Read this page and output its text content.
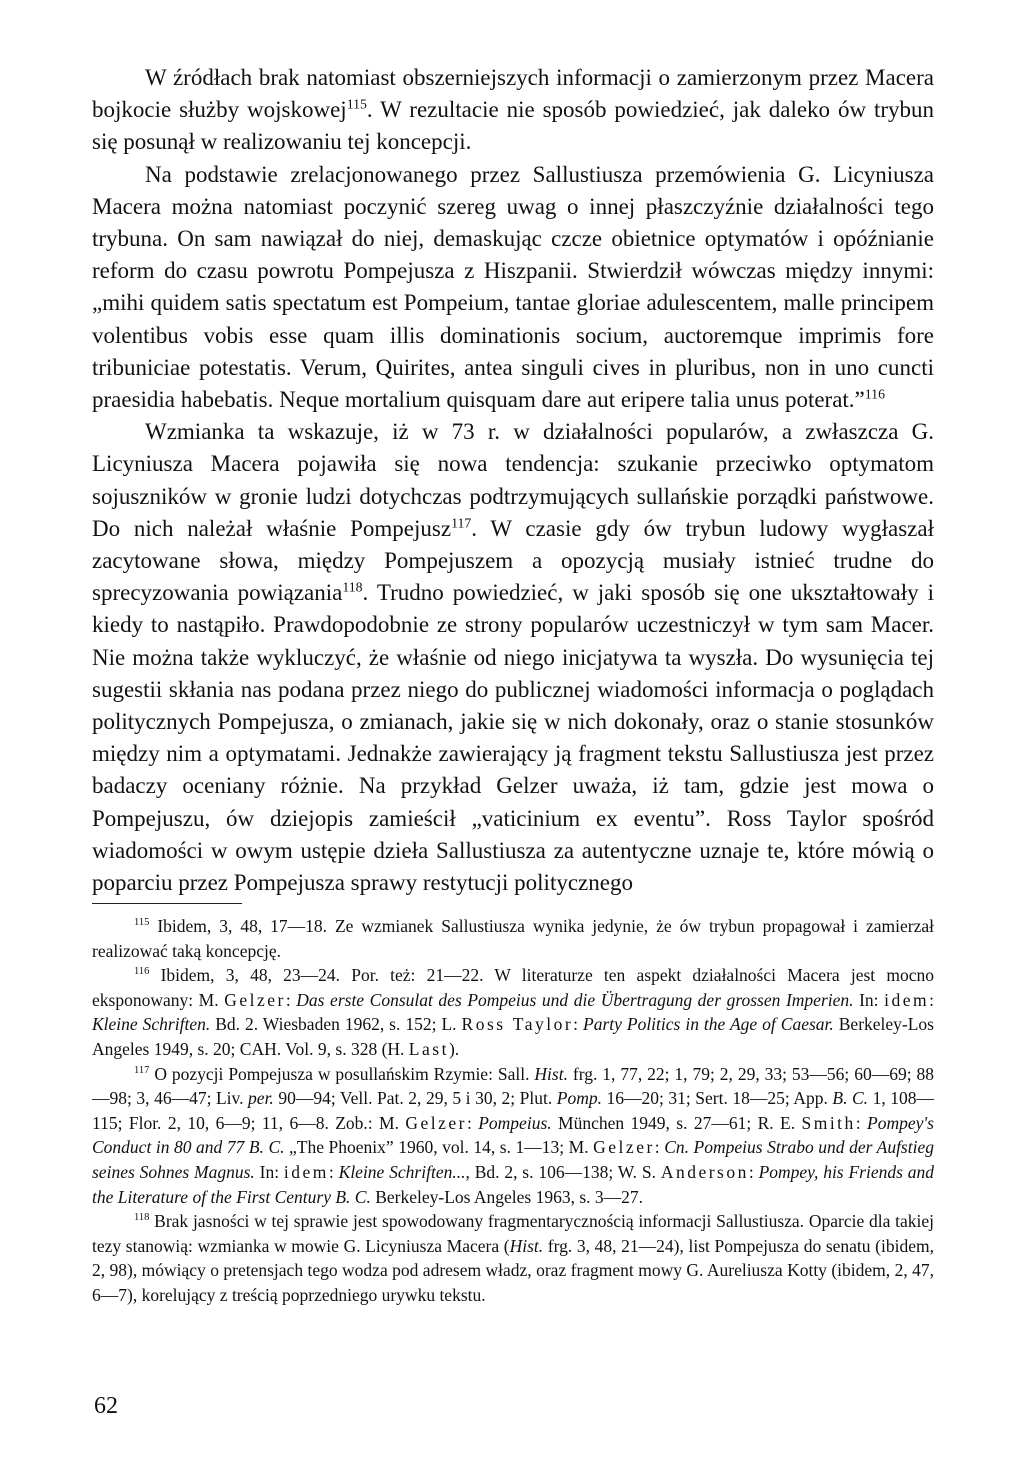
W źródłach brak natomiast obszerniejszych informacji o zamierzonym przez Macera bojkocie służby wojskowej$^{115}$. W rezultacie nie sposób powiedzieć, jak daleko ów trybun się posunął w realizowaniu tej koncepcji.

Na podstawie zrelacjonowanego przez Sallustiusza przemówienia G. Licyniusza Macera można natomiast poczynić szereg uwag o innej płaszczyźnie działalności tego trybuna. On sam nawiązał do niej, demaskując czcze obietnice optymatów i opóźnianie reform do czasu powrotu Pompejusza z Hiszpanii. Stwierdził wówczas między innymi: „mihi quidem satis spectatum est Pompeium, tantae gloriae adulescentem, malle principem volentibus vobis esse quam illis dominationis socium, auctoremque imprimis fore tribuniciae potestatis. Verum, Quirites, antea singuli cives in pluribus, non in uno cuncti praesidia habebatis. Neque mortalium quisquam dare aut eripere talia unus poterat.”$^{116}$

Wzmianka ta wskazuje, iż w 73 r. w działalności popularów, a zwłaszcza G. Licyniusza Macera pojawiła się nowa tendencja: szukanie przeciwko optymatom sojuszników w gronie ludzi dotychczas podtrzymujących sullańskie porządki państwowe. Do nich należał właśnie Pompejusz$^{117}$. W czasie gdy ów trybun ludowy wygłaszał zacytowane słowa, między Pompejuszem a opozycją musiały istnieć trudne do sprecyzowania powiązania$^{118}$. Trudno powiedzieć, w jaki sposób się one ukształtowały i kiedy to nastąpiło. Prawdopodobnie ze strony popularów uczestniczył w tym sam Macer. Nie można także wykluczyć, że właśnie od niego inicjatywa ta wyszła. Do wysunięcia tej sugestii skłania nas podana przez niego do publicznej wiadomości informacja o poglądach politycznych Pompejusza, o zmianach, jakie się w nich dokonały, oraz o stanie stosunków między nim a optymatami. Jednakże zawierający ją fragment tekstu Sallustiusza jest przez badaczy oceniany różnie. Na przykład Gelzer uważa, iż tam, gdzie jest mowa o Pompejuszu, ów dziejopis zamieścił „vaticinium ex eventu”. Ross Taylor spośród wiadomości w owym ustępie dzieła Sallustiusza za autentyczne uznaje te, które mówią o poparciu przez Pompejusza sprawy restytucji politycznego

$^{115}$ Ibidem, 3, 48, 17—18. Ze wzmianek Sallustiusza wynika jedynie, że ów trybun propagował i zamierzał realizować taką koncepcję.

$^{116}$ Ibidem, 3, 48, 23—24. Por. też: 21—22. W literaturze ten aspekt działalności Macera jest mocno eksponowany: M. Gelzer: Das erste Consulat des Pompeius und die Übertragung der grossen Imperien. In: idem: Kleine Schriften. Bd. 2. Wiesbaden 1962, s. 152; L. Ross Taylor: Party Politics in the Age of Caesar. Berkeley-Los Angeles 1949, s. 20; CAH. Vol. 9, s. 328 (H. Last).

$^{117}$ O pozycji Pompejusza w posullańskim Rzymie: Sall. Hist. frg. 1, 77, 22; 1, 79; 2, 29, 33; 53—56; 60—69; 88—98; 3, 46—47; Liv. per. 90—94; Vell. Pat. 2, 29, 5 i 30, 2; Plut. Pomp. 16—20; 31; Sert. 18—25; App. B. C. 1, 108—115; Flor. 2, 10, 6—9; 11, 6—8. Zob.: M. Gelzer: Pompeius. München 1949, s. 27—61; R. E. Smith: Pompey's Conduct in 80 and 77 B. C. „The Phoenix” 1960, vol. 14, s. 1—13; M. Gelzer: Cn. Pompeius Strabo und der Aufstieg seines Sohnes Magnus. In: idem: Kleine Schriften..., Bd. 2, s. 106—138; W. S. Anderson: Pompey, his Friends and the Literature of the First Century B. C. Berkeley-Los Angeles 1963, s. 3—27.

$^{118}$ Brak jasności w tej sprawie jest spowodowany fragmentarycznością informacji Sallustiusza. Oparcie dla takiej tezy stanowią: wzmianka w mowie G. Licyniusza Macera (Hist. frg. 3, 48, 21—24), list Pompejusza do senatu (ibidem, 2, 98), mówiący o pretensjach tego wodza pod adresem władz, oraz fragment mowy G. Aureliusza Kotty (ibidem, 2, 47, 6—7), korelujący z treścią poprzedniego urywku tekstu.

62
